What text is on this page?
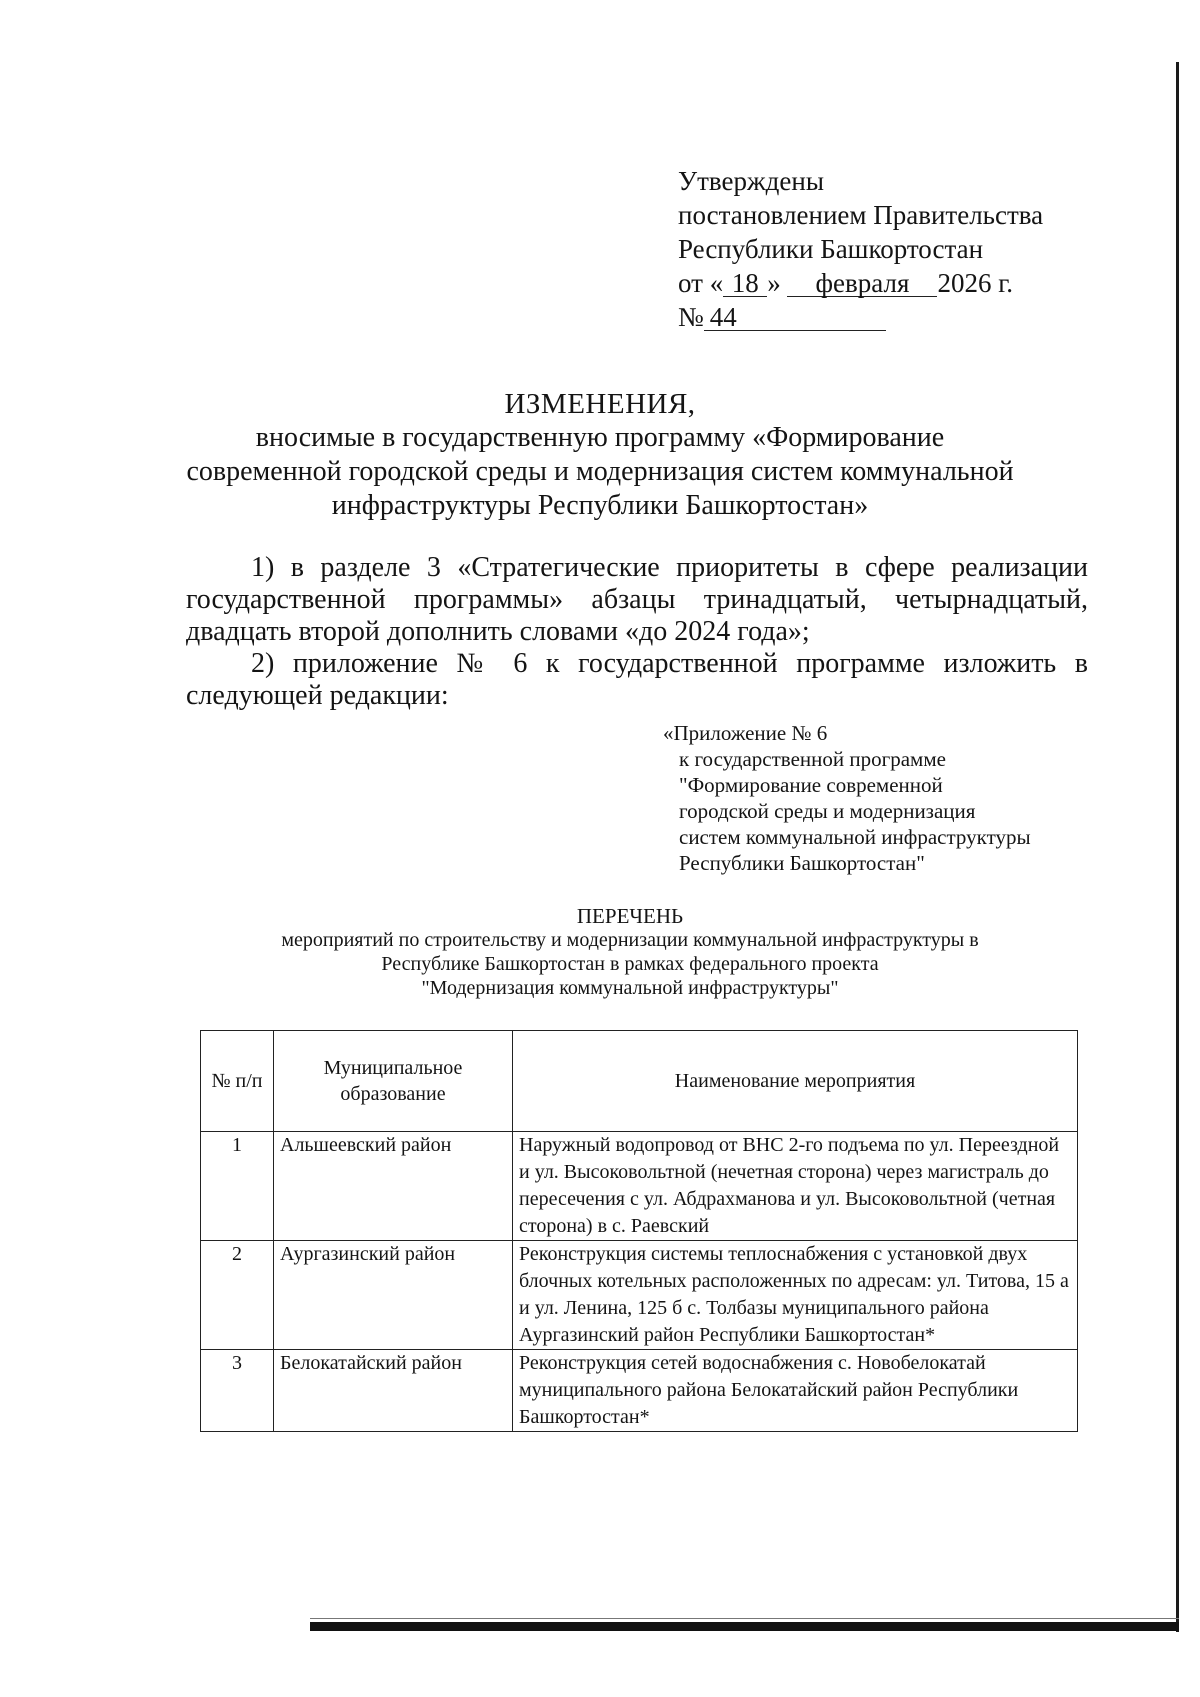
Утверждены
постановлением Правительства
Республики Башкортостан
от « 18 » февраля 2026 г.
№ 44
ИЗМЕНЕНИЯ,
вносимые в государственную программу «Формирование
современной городской среды и модернизация систем коммунальной
инфраструктуры Республики Башкортостан»
1) в разделе 3 «Стратегические приоритеты в сфере реализации государственной программы» абзацы тринадцатый, четырнадцатый, двадцать второй дополнить словами «до 2024 года»;
2) приложение № 6 к государственной программе изложить в следующей редакции:
«Приложение № 6
к государственной программе
"Формирование современной
городской среды и модернизация
систем коммунальной инфраструктуры
Республики Башкортостан"
ПЕРЕЧЕНЬ
мероприятий по строительству и модернизации коммунальной инфраструктуры в
Республике Башкортостан в рамках федерального проекта
"Модернизация коммунальной инфраструктуры"
№ п/п	Муниципальное образование	Наименование мероприятия
1	Альшеевский район	Наружный водопровод от ВНС 2-го подъема по ул. Переездной и ул. Высоковольтной (нечетная сторона) через магистраль до пересечения с ул. Абдрахманова и ул. Высоковольтной (четная сторона) в с. Раевский
2	Аургазинский район	Реконструкция системы теплоснабжения с установкой двух блочных котельных расположенных по адресам: ул. Титова, 15 а и ул. Ленина, 125 б с. Толбазы муниципального района Аургазинский район Республики Башкортостан*
3	Белокатайский район	Реконструкция сетей водоснабжения с. Новобелокатай муниципального района Белокатайский район Республики Башкортостан*
